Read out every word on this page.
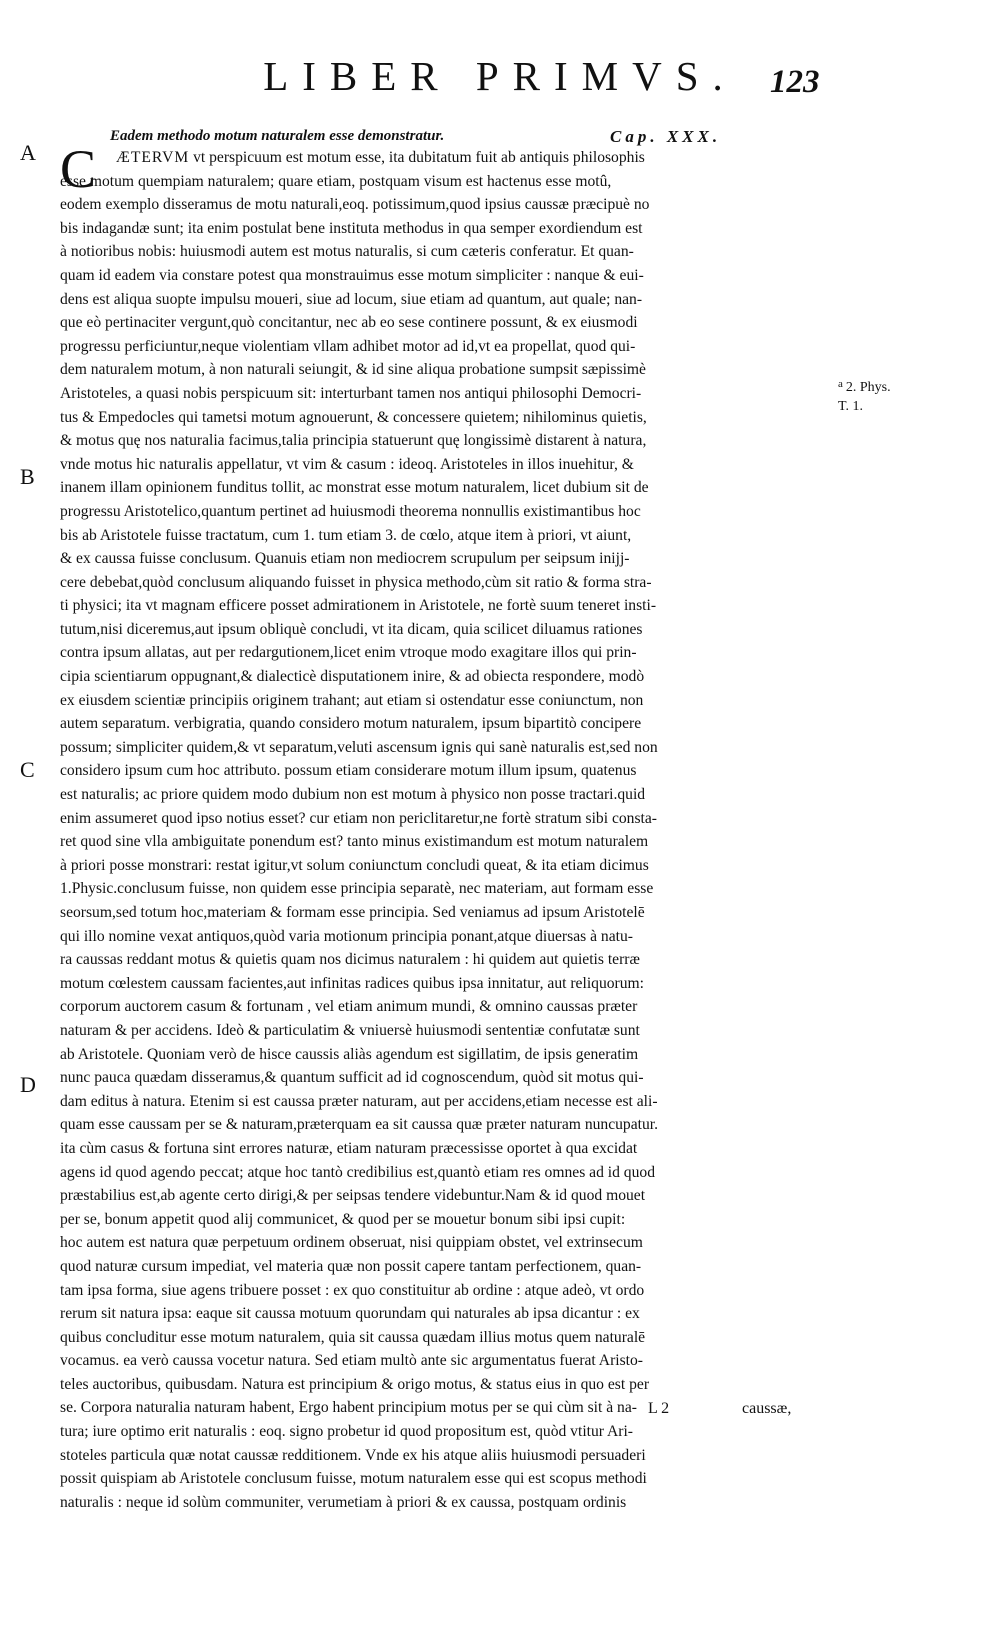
LIBER PRIMVS.	123
Eadem methodo motum naturalem esse demonstratur.	Cap. XXX.
A
B
C
D
$^a$ 2. Phys.
T. 1.
C ÆTERVM vt perspicuum est motum esse, ita dubitatum fuit ab antiquis philosophis
esse motum quempiam naturalem; quare etiam, postquam visum est hactenus esse motû,
eodem exemplo disseramus de motu naturali,eoq. potissimum,quod ipsius caussæ præcipuè no
bis indagandæ sunt; ita enim postulat bene instituta methodus in qua semper exordiendum est
à notioribus nobis: huiusmodi autem est motus naturalis, si cum cæteris conferatur. Et quan-
quam id eadem via constare potest qua monstrauimus esse motum simpliciter : nanque & eui-
dens est aliqua suopte impulsu moueri, siue ad locum, siue etiam ad quantum, aut quale; nan-
que eò pertinaciter vergunt,quò concitantur, nec ab eo sese continere possunt, & ex eiusmodi
progressu perficiuntur,neque violentiam vllam adhibet motor ad id,vt ea propellat, quod qui-
dem naturalem motum, à non naturali seiungit, & id sine aliqua probatione sumpsit sæpissimè
Aristoteles, a quasi nobis perspicuum sit: interturbant tamen nos antiqui philosophi Democri-
tus & Empedocles qui tametsi motum agnouerunt, & concessere quietem; nihilominus quietis,
& motus quę nos naturalia facimus,talia principia statuerunt quę longissimè distarent à natura,
vnde motus hic naturalis appellatur, vt vim & casum : ideoq. Aristoteles in illos inuehitur, &
inanem illam opinionem funditus tollit, ac monstrat esse motum naturalem, licet dubium sit de
progressu Aristotelico,quantum pertinet ad huiusmodi theorema nonnullis existimantibus hoc
bis ab Aristotele fuisse tractatum, cum 1. tum etiam 3. de cœlo, atque item à priori, vt aiunt,
& ex caussa fuisse conclusum. Quanuis etiam non mediocrem scrupulum per seipsum inijj-
cere debebat,quòd conclusum aliquando fuisset in physica methodo,cùm sit ratio & forma stra-
ti physici; ita vt magnam efficere posset admirationem in Aristotele, ne fortè suum teneret insti-
tutum,nisi diceremus,aut ipsum obliquè concludi, vt ita dicam, quia scilicet diluamus rationes
contra ipsum allatas, aut per redargutionem,licet enim vtroque modo exagitare illos qui prin-
cipia scientiarum oppugnant,& dialecticè disputationem inire, & ad obiecta respondere, modò
ex eiusdem scientiæ principiis originem trahant; aut etiam si ostendatur esse coniunctum, non
autem separatum. verbigratia, quando considero motum naturalem, ipsum bipartitò concipere
possum; simpliciter quidem,& vt separatum,veluti ascensum ignis qui sanè naturalis est,sed non
considero ipsum cum hoc attributo. possum etiam considerare motum illum ipsum, quatenus
est naturalis; ac priore quidem modo dubium non est motum à physico non posse tractari.quid
enim assumeret quod ipso notius esset? cur etiam non periclitaretur,ne fortè stratum sibi consta-
ret quod sine vlla ambiguitate ponendum est? tanto minus existimandum est motum naturalem
à priori posse monstrari: restat igitur,vt solum coniunctum concludi queat, & ita etiam dicimus
1.Physic.conclusum fuisse, non quidem esse principia separatè, nec materiam, aut formam esse
seorsum,sed totum hoc,materiam & formam esse principia. Sed veniamus ad ipsum Aristotelē
qui illo nomine vexat antiquos,quòd varia motionum principia ponant,atque diuersas à natu-
ra caussas reddant motus & quietis quam nos dicimus naturalem : hi quidem aut quietis terræ
motum cœlestem caussam facientes,aut infinitas radices quibus ipsa innitatur, aut reliquorum:
corporum auctorem casum & fortunam , vel etiam animum mundi, & omnino caussas præter
naturam & per accidens. Ideò & particulatim & vniuersè huiusmodi sententiæ confutatæ sunt
ab Aristotele. Quoniam verò de hisce caussis aliàs agendum est sigillatim, de ipsis generatim
nunc pauca quædam disseramus,& quantum sufficit ad id cognoscendum, quòd sit motus qui-
dam editus à natura. Etenim si est caussa præter naturam, aut per accidens,etiam necesse est ali-
quam esse caussam per se & naturam,præterquam ea sit caussa quæ præter naturam nuncupatur.
ita cùm casus & fortuna sint errores naturæ, etiam naturam præcessisse oportet à qua excidat
agens id quod agendo peccat; atque hoc tantò credibilius est,quantò etiam res omnes ad id quod
præstabilius est,ab agente certo dirigi,& per seipsas tendere videbuntur.Nam & id quod mouet
per se, bonum appetit quod alij communicet, & quod per se mouetur bonum sibi ipsi cupit:
hoc autem est natura quæ perpetuum ordinem obseruat, nisi quippiam obstet, vel extrinsecum
quod naturæ cursum impediat, vel materia quæ non possit capere tantam perfectionem, quan-
tam ipsa forma, siue agens tribuere posset : ex quo constituitur ab ordine : atque adeò, vt ordo
rerum sit natura ipsa: eaque sit caussa motuum quorundam qui naturales ab ipsa dicantur : ex
quibus concluditur esse motum naturalem, quia sit caussa quædam illius motus quem naturalē
vocamus. ea verò caussa vocetur natura. Sed etiam multò ante sic argumentatus fuerat Aristo-
teles auctoribus, quibusdam. Natura est principium & origo motus, & status eius in quo est per
se. Corpora naturalia naturam habent, Ergo habent principium motus per se qui cùm sit à na-
tura; iure optimo erit naturalis : eoq. signo probetur id quod propositum est, quòd vtitur Ari-
stoteles particula quæ notat caussæ redditionem. Vnde ex his atque aliis huiusmodi persuaderi
possit quispiam ab Aristotele conclusum fuisse, motum naturalem esse qui est scopus methodi
naturalis : neque id solùm communiter, verumetiam à priori & ex caussa, postquam ordinis
L 2	caussæ,
